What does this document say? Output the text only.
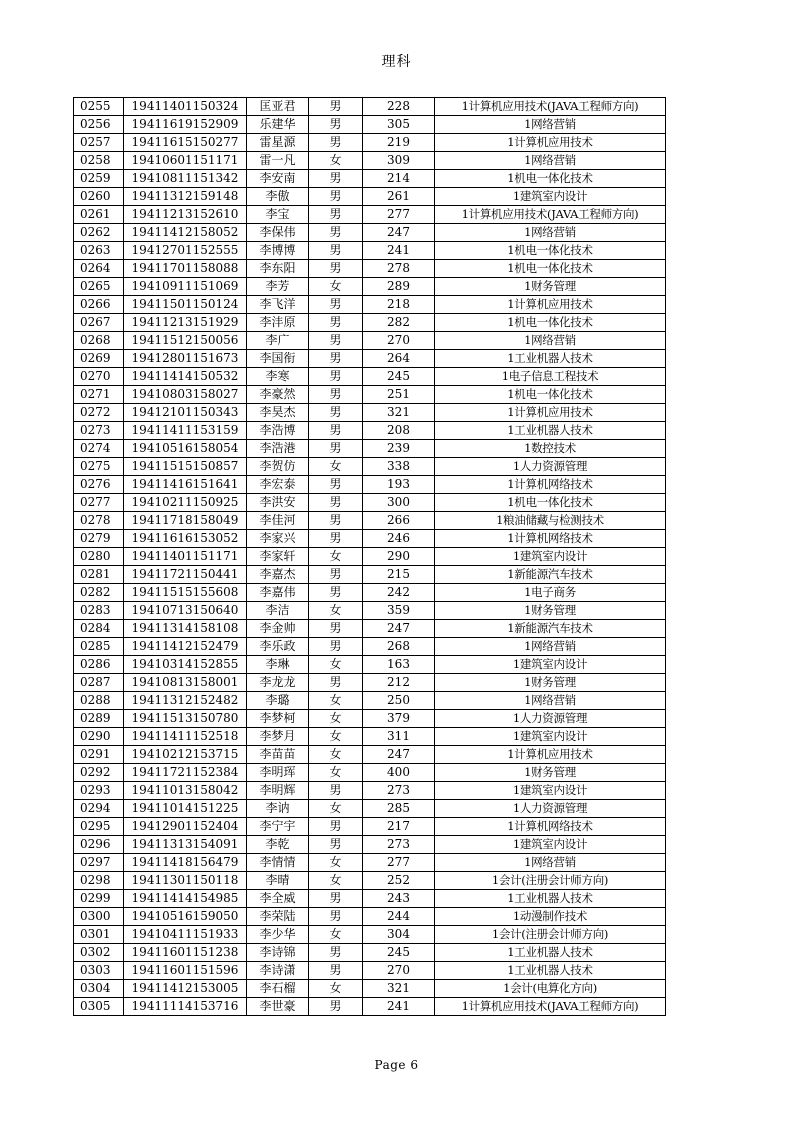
理科
0255	19411401150324	匡亚君	男	228	1计算机应用技术(JAVA工程师方向)
0256	19411619152909	乐建华	男	305	1网络营销
0257	19411615150277	雷星源	男	219	1计算机应用技术
0258	19410601151171	雷一凡	女	309	1网络营销
0259	19410811151342	李安南	男	214	1机电一体化技术
0260	19411312159148	李傲	男	261	1建筑室内设计
0261	19411213152610	李宝	男	277	1计算机应用技术(JAVA工程师方向)
0262	19411412158052	李保伟	男	247	1网络营销
0263	19412701152555	李博博	男	241	1机电一体化技术
0264	19411701158088	李东阳	男	278	1机电一体化技术
0265	19410911151069	李芳	女	289	1财务管理
0266	19411501150124	李飞洋	男	218	1计算机应用技术
0267	19411213151929	李沣原	男	282	1机电一体化技术
0268	19411512150056	李广	男	270	1网络营销
0269	19412801151673	李国衔	男	264	1工业机器人技术
0270	19411414150532	李寒	男	245	1电子信息工程技术
0271	19410803158027	李豪然	男	251	1机电一体化技术
0272	19412101150343	李昊杰	男	321	1计算机应用技术
0273	19411411153159	李浩博	男	208	1工业机器人技术
0274	19410516158054	李浩港	男	239	1数控技术
0275	19411515150857	李贺仿	女	338	1人力资源管理
0276	19411416151641	李宏泰	男	193	1计算机网络技术
0277	19410211150925	李洪安	男	300	1机电一体化技术
0278	19411718158049	李佳河	男	266	1粮油储藏与检测技术
0279	19411616153052	李家兴	男	246	1计算机网络技术
0280	19411401151171	李家轩	女	290	1建筑室内设计
0281	19411721150441	李嘉杰	男	215	1新能源汽车技术
0282	19411515155608	李嘉伟	男	242	1电子商务
0283	19410713150640	李洁	女	359	1财务管理
0284	19411314158108	李金帅	男	247	1新能源汽车技术
0285	19411412152479	李乐政	男	268	1网络营销
0286	19410314152855	李琳	女	163	1建筑室内设计
0287	19410813158001	李龙龙	男	212	1财务管理
0288	19411312152482	李璐	女	250	1网络营销
0289	19411513150780	李梦柯	女	379	1人力资源管理
0290	19411411152518	李梦月	女	311	1建筑室内设计
0291	19410212153715	李苗苗	女	247	1计算机应用技术
0292	19411721152384	李明珲	女	400	1财务管理
0293	19411013158042	李明辉	男	273	1建筑室内设计
0294	19411014151225	李讷	女	285	1人力资源管理
0295	19412901152404	李宁宇	男	217	1计算机网络技术
0296	19411313154091	李乾	男	273	1建筑室内设计
0297	19411418156479	李情情	女	277	1网络营销
0298	19411301150118	李晴	女	252	1会计(注册会计师方向)
0299	19411414154985	李全威	男	243	1工业机器人技术
0300	19410516159050	李荣陆	男	244	1动漫制作技术
0301	19410411151933	李少华	女	304	1会计(注册会计师方向)
0302	19411601151238	李诗锦	男	245	1工业机器人技术
0303	19411601151596	李诗潇	男	270	1工业机器人技术
0304	19411412153005	李石榴	女	321	1会计(电算化方向)
0305	19411114153716	李世豪	男	241	1计算机应用技术(JAVA工程师方向)
Page 6
